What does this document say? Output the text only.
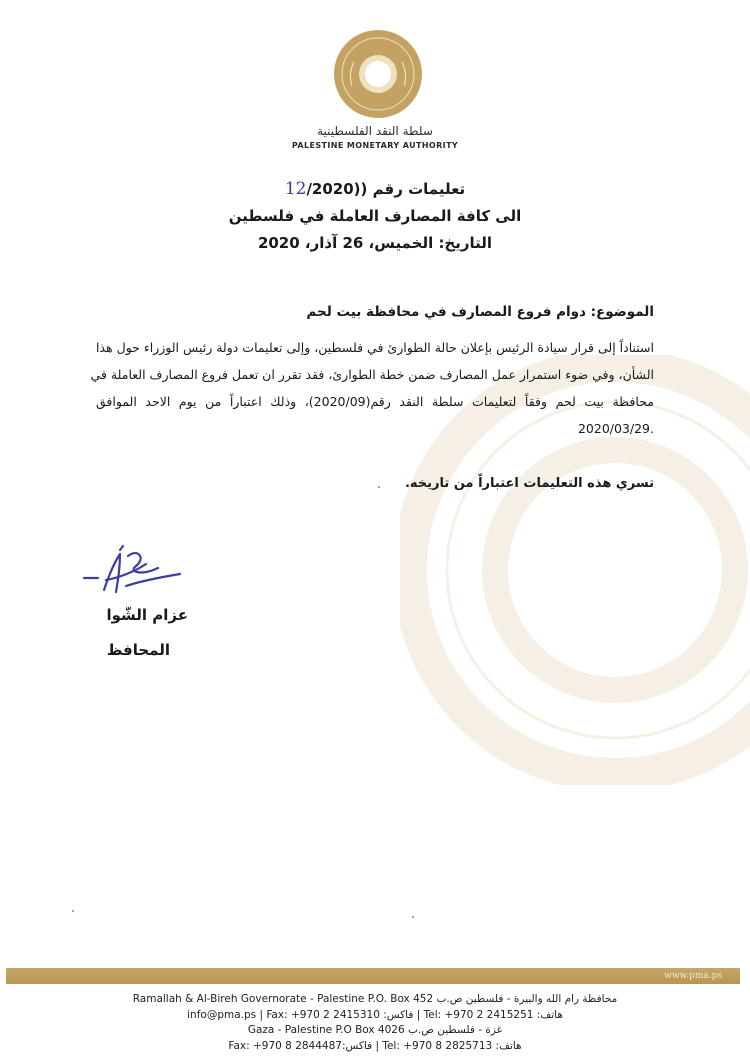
سلطة النقد الفلسطينية
PALESTINE MONETARY AUTHORITY
تعليمات رقم (12/2020)
الى كافة المصارف العاملة في فلسطين
التاريخ: الخميس، 26 آذار، 2020
الموضوع: دوام فروع المصارف في محافظة بيت لحم
استناداً إلى قرار سيادة الرئيس بإعلان حالة الطوارئ في فلسطين، وإلى تعليمات دولة رئيس الوزراء حول هذا
الشأن، وفي ضوء استمرار عمل المصارف ضمن خطة الطوارئ، فقد تقرر ان تعمل فروع المصارف العاملة في
محافظة بيت لحم وفقاً لتعليمات سلطة النقد رقم(2020/09)، وذلك اعتباراً من يوم الاحد الموافق
.2020/03/29
تسري هذه التعليمات اعتباراً من تاريخه.
عزام الشّوا
المحافظ
www.pma.ps
Ramallah & Al-Bireh Governorate - Palestine P.O. Box 452 محافظة رام الله والبيرة - فلسطين ص.ب
info@pma.ps | Fax: +970 2 2415310 :فاكس | Tel: +970 2 2415251 :هاتف
Gaza - Palestine P.O Box 4026 غزة - فلسطين ص.ب
Fax: +970 8 2844487:فاكس | Tel: +970 8 2825713 :هاتف
